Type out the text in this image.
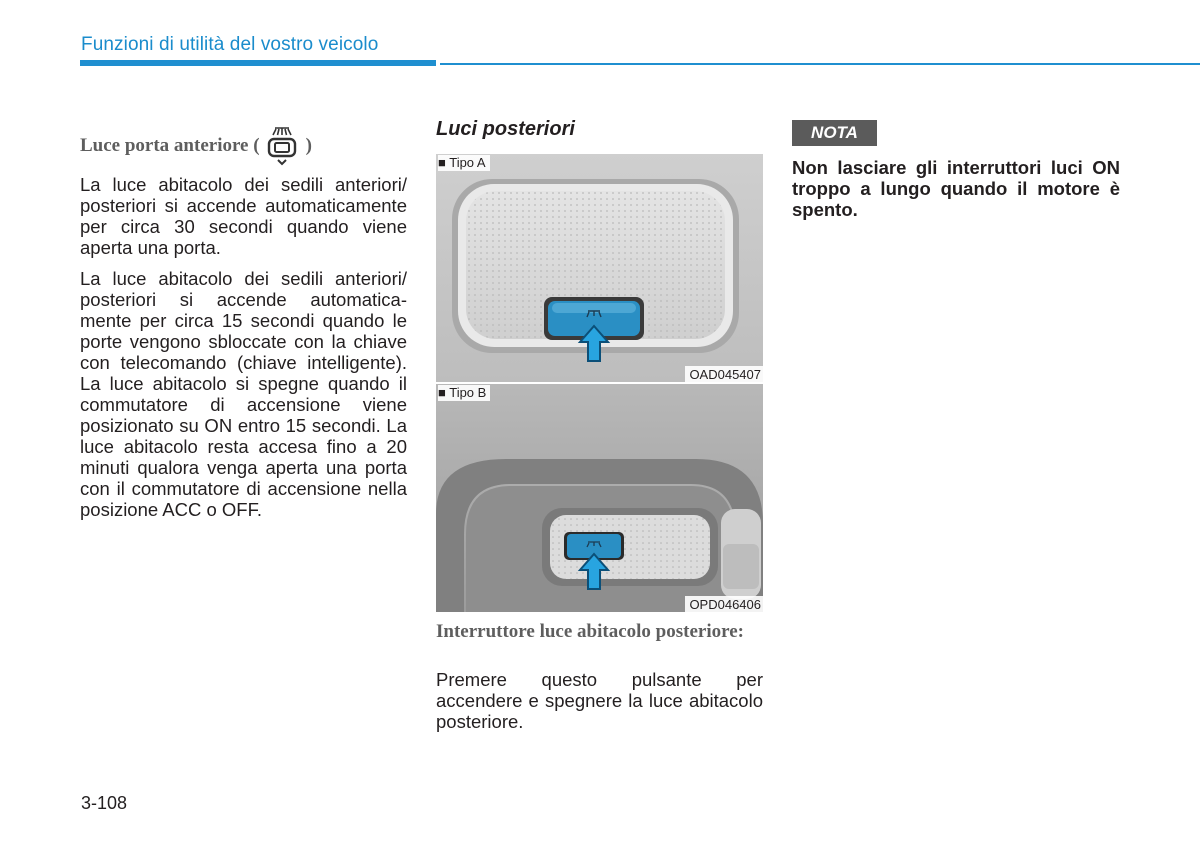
Funzioni di utilità del vostro veicolo
Luce porta anteriore ( )

La luce abitacolo dei sedili anteriori/ posteriori si accende automaticamente per circa 30 secondi quando viene aperta una porta.

La luce abitacolo dei sedili anteriori/ posteriori si accende automatica- mente per circa 15 secondi quando le porte vengono sbloccate con la chiave con telecomando (chiave intelligente). La luce abitacolo si spegne quando il commutatore di accensione viene posizionato su ON entro 15 secondi. La luce abitacolo resta accesa fino a 20 minuti qualora venga aperta una porta con il commutatore di accensione nella posizione ACC o OFF.

Luci posteriori
■ Tipo A
OAD045407
■ Tipo B
OPD046406
Interruttore luce abitacolo posteriore:

Premere questo pulsante per accendere e spegnere la luce abitacolo posteriore.

NOTA

Non lasciare gli interruttori luci ON troppo a lungo quando il motore è spento.

3-108
